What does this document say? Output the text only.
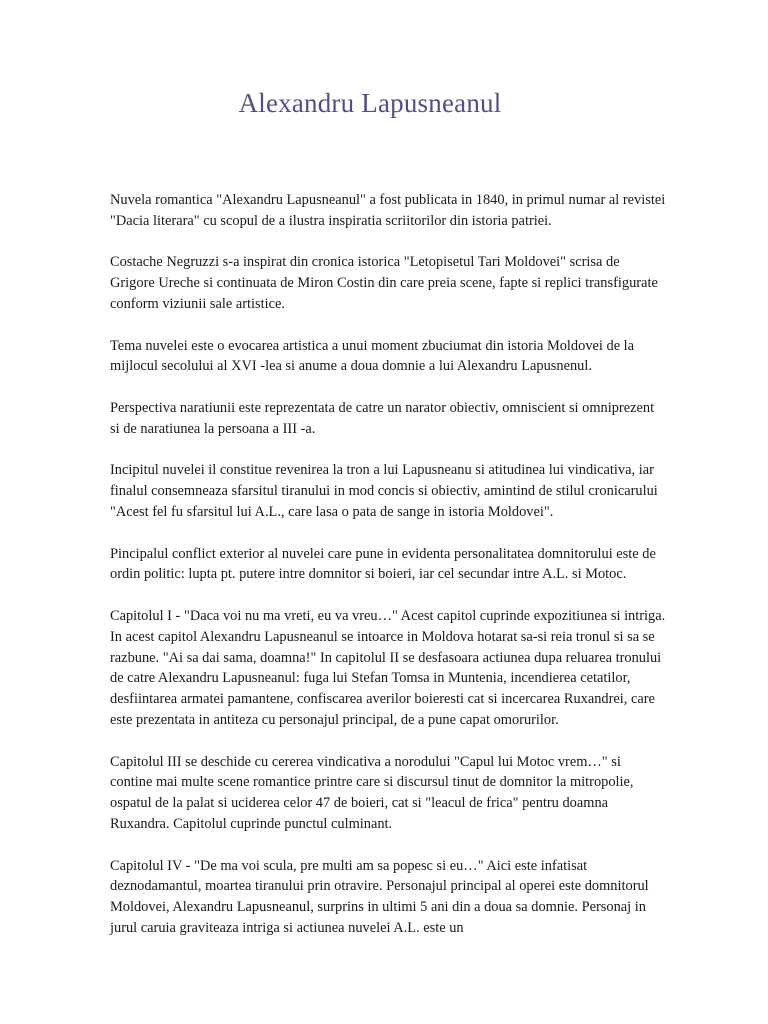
Alexandru Lapusneanul

Nuvela romantica "Alexandru Lapusneanul" a fost publicata in 1840, in primul numar al revistei "Dacia literara" cu scopul de a ilustra inspiratia scriitorilor din istoria patriei.

Costache Negruzzi s-a inspirat din cronica istorica "Letopisetul Tari Moldovei" scrisa de Grigore Ureche si continuata de Miron Costin din care preia scene, fapte si replici transfigurate conform viziunii sale artistice.

Tema nuvelei este o evocarea artistica a unui moment zbuciumat din istoria Moldovei de la mijlocul secolului al XVI -lea si anume a doua domnie a lui Alexandru Lapusnenul.

Perspectiva naratiunii este reprezentata de catre un narator obiectiv, omniscient si omniprezent si de naratiunea la persoana a III -a.

Incipitul nuvelei il constitue revenirea la tron a lui Lapusneanu si atitudinea lui vindicativa, iar finalul consemneaza sfarsitul tiranului in mod concis si obiectiv, amintind de stilul cronicarului "Acest fel fu sfarsitul lui A.L., care lasa o pata de sange in istoria Moldovei".

Pincipalul conflict exterior al nuvelei care pune in evidenta personalitatea domnitorului este de ordin politic: lupta pt. putere intre domnitor si boieri, iar cel secundar intre A.L. si Motoc.

Capitolul I - "Daca voi nu ma vreti, eu va vreu…" Acest capitol cuprinde expozitiunea si intriga. In acest capitol Alexandru Lapusneanul se intoarce in Moldova hotarat sa-si reia tronul si sa se razbune. "Ai sa dai sama, doamna!" In capitolul II se desfasoara actiunea dupa reluarea tronului de catre Alexandru Lapusneanul: fuga lui Stefan Tomsa in Muntenia, incendierea cetatilor, desfiintarea armatei pamantene, confiscarea averilor boieresti cat si incercarea Ruxandrei, care este prezentata in antiteza cu personajul principal, de a pune capat omorurilor.

Capitolul III se deschide cu cererea vindicativa a norodului "Capul lui Motoc vrem…" si contine mai multe scene romantice printre care si discursul tinut de domnitor la mitropolie, ospatul de la palat si uciderea celor 47 de boieri, cat si "leacul de frica" pentru doamna Ruxandra. Capitolul cuprinde punctul culminant.

Capitolul IV - "De ma voi scula, pre multi am sa popesc si eu…" Aici este infatisat deznodamantul, moartea tiranului prin otravire. Personajul principal al operei este domnitorul Moldovei, Alexandru Lapusneanul, surprins in ultimi 5 ani din a doua sa domnie. Personaj in jurul caruia graviteaza intriga si actiunea nuvelei A.L. este un
